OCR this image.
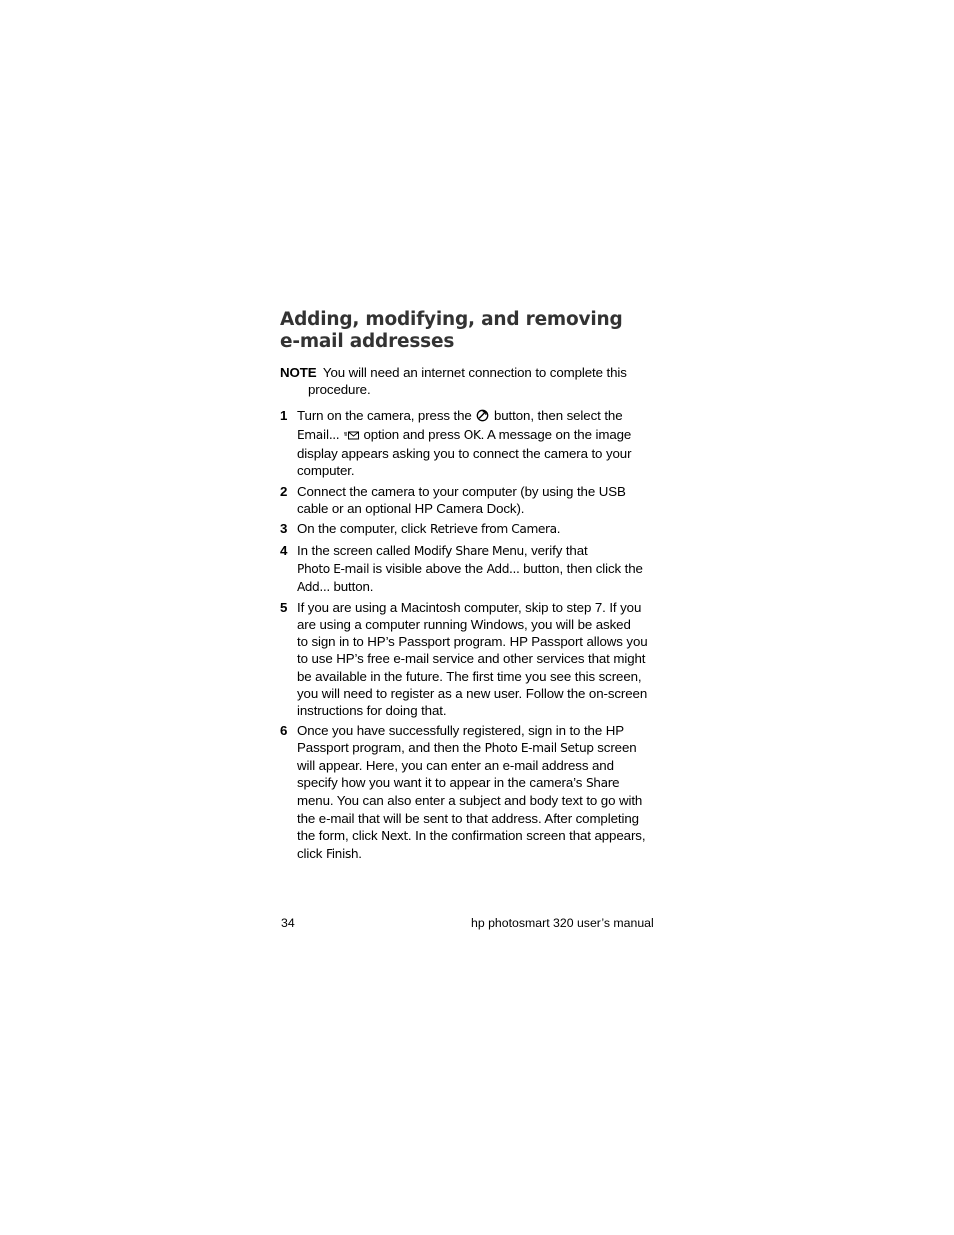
Adding, modifying, and removing
e-mail addresses
NOTE You will need an internet connection to complete this
procedure.
1 Turn on the camera, press the button, then select the
Email... option and press OK. A message on the image
display appears asking you to connect the camera to your
computer.
2 Connect the camera to your computer (by using the USB
cable or an optional HP Camera Dock).
3 On the computer, click Retrieve from Camera.
4 In the screen called Modify Share Menu, verify that
Photo E-mail is visible above the Add... button, then click the
Add... button.
5 If you are using a Macintosh computer, skip to step 7. If you
are using a computer running Windows, you will be asked
to sign in to HP’s Passport program. HP Passport allows you
to use HP’s free e-mail service and other services that might
be available in the future. The first time you see this screen,
you will need to register as a new user. Follow the on-screen
instructions for doing that.
6 Once you have successfully registered, sign in to the HP
Passport program, and then the Photo E-mail Setup screen
will appear. Here, you can enter an e-mail address and
specify how you want it to appear in the camera’s Share
menu. You can also enter a subject and body text to go with
the e-mail that will be sent to that address. After completing
the form, click Next. In the confirmation screen that appears,
click Finish.
34	hp photosmart 320 user’s manual
